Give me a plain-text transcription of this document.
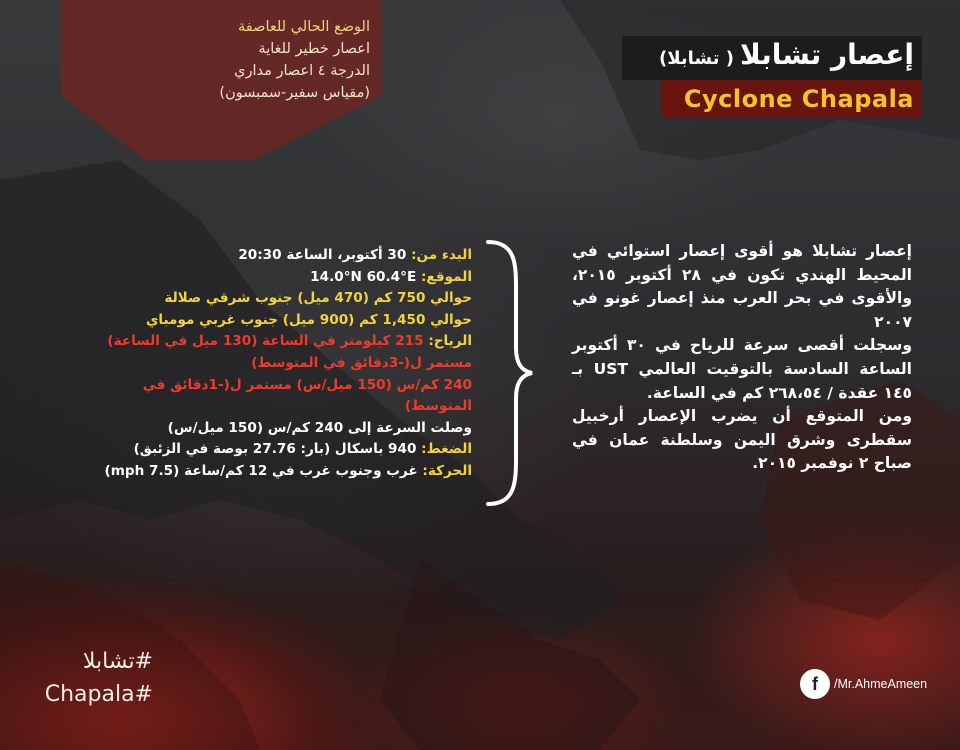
الوضع الحالي للعاصفة
اعصار خطير للغاية
الدرجة ٤ اعصار مداري
(مقياس سفير-سمبسون)
إعصار تشابلا( تشابلا)
Cyclone Chapala
البدء من: 30 أكتوبر، الساعة 20:30
الموقع: 14.0°N 60.4°E
حوالي 750 كم (470 ميل) جنوب شرقي صلالة
حوالي 1,450 كم (900 ميل) جنوب غربي مومباي
الرياح: 215 كيلومتر في الساعة (130 ميل في الساعة)
مستمر ل(-3دقائق في المتوسط)
240 كم/س (150 ميل/س) مستمر ل(-1دقائق في المتوسط)
وصلت السرعة إلى 240 كم/س (150 ميل/س)
الضغط: 940 باسكال (بار: 27.76 بوصة في الزئبق)
الحركة: غرب وجنوب غرب في 12 كم/ساعة (7.5 mph)

إعصار تشابلا هو أقوى إعصار استوائي في المحيط الهندي تكون في ٢٨ أكتوبر ٢٠١٥، والأقوى في بحر العرب منذ إعصار غونو في ٢٠٠٧

وسجلت أقصى سرعة للرياح في ٣٠ أكتوبر الساعة السادسة بالتوقيت العالمي UST بـ ١٤٥ عقدة / ٢٦٨،٥٤ كم في الساعة.

ومن المتوقع أن يضرب الإعصار أرخبيل سقطرى وشرق اليمن وسلطنة عمان في صباح ٢ نوفمبر ٢٠١٥.

#تشابلا
Chapala#	f	/Mr.AhmeAmeen
